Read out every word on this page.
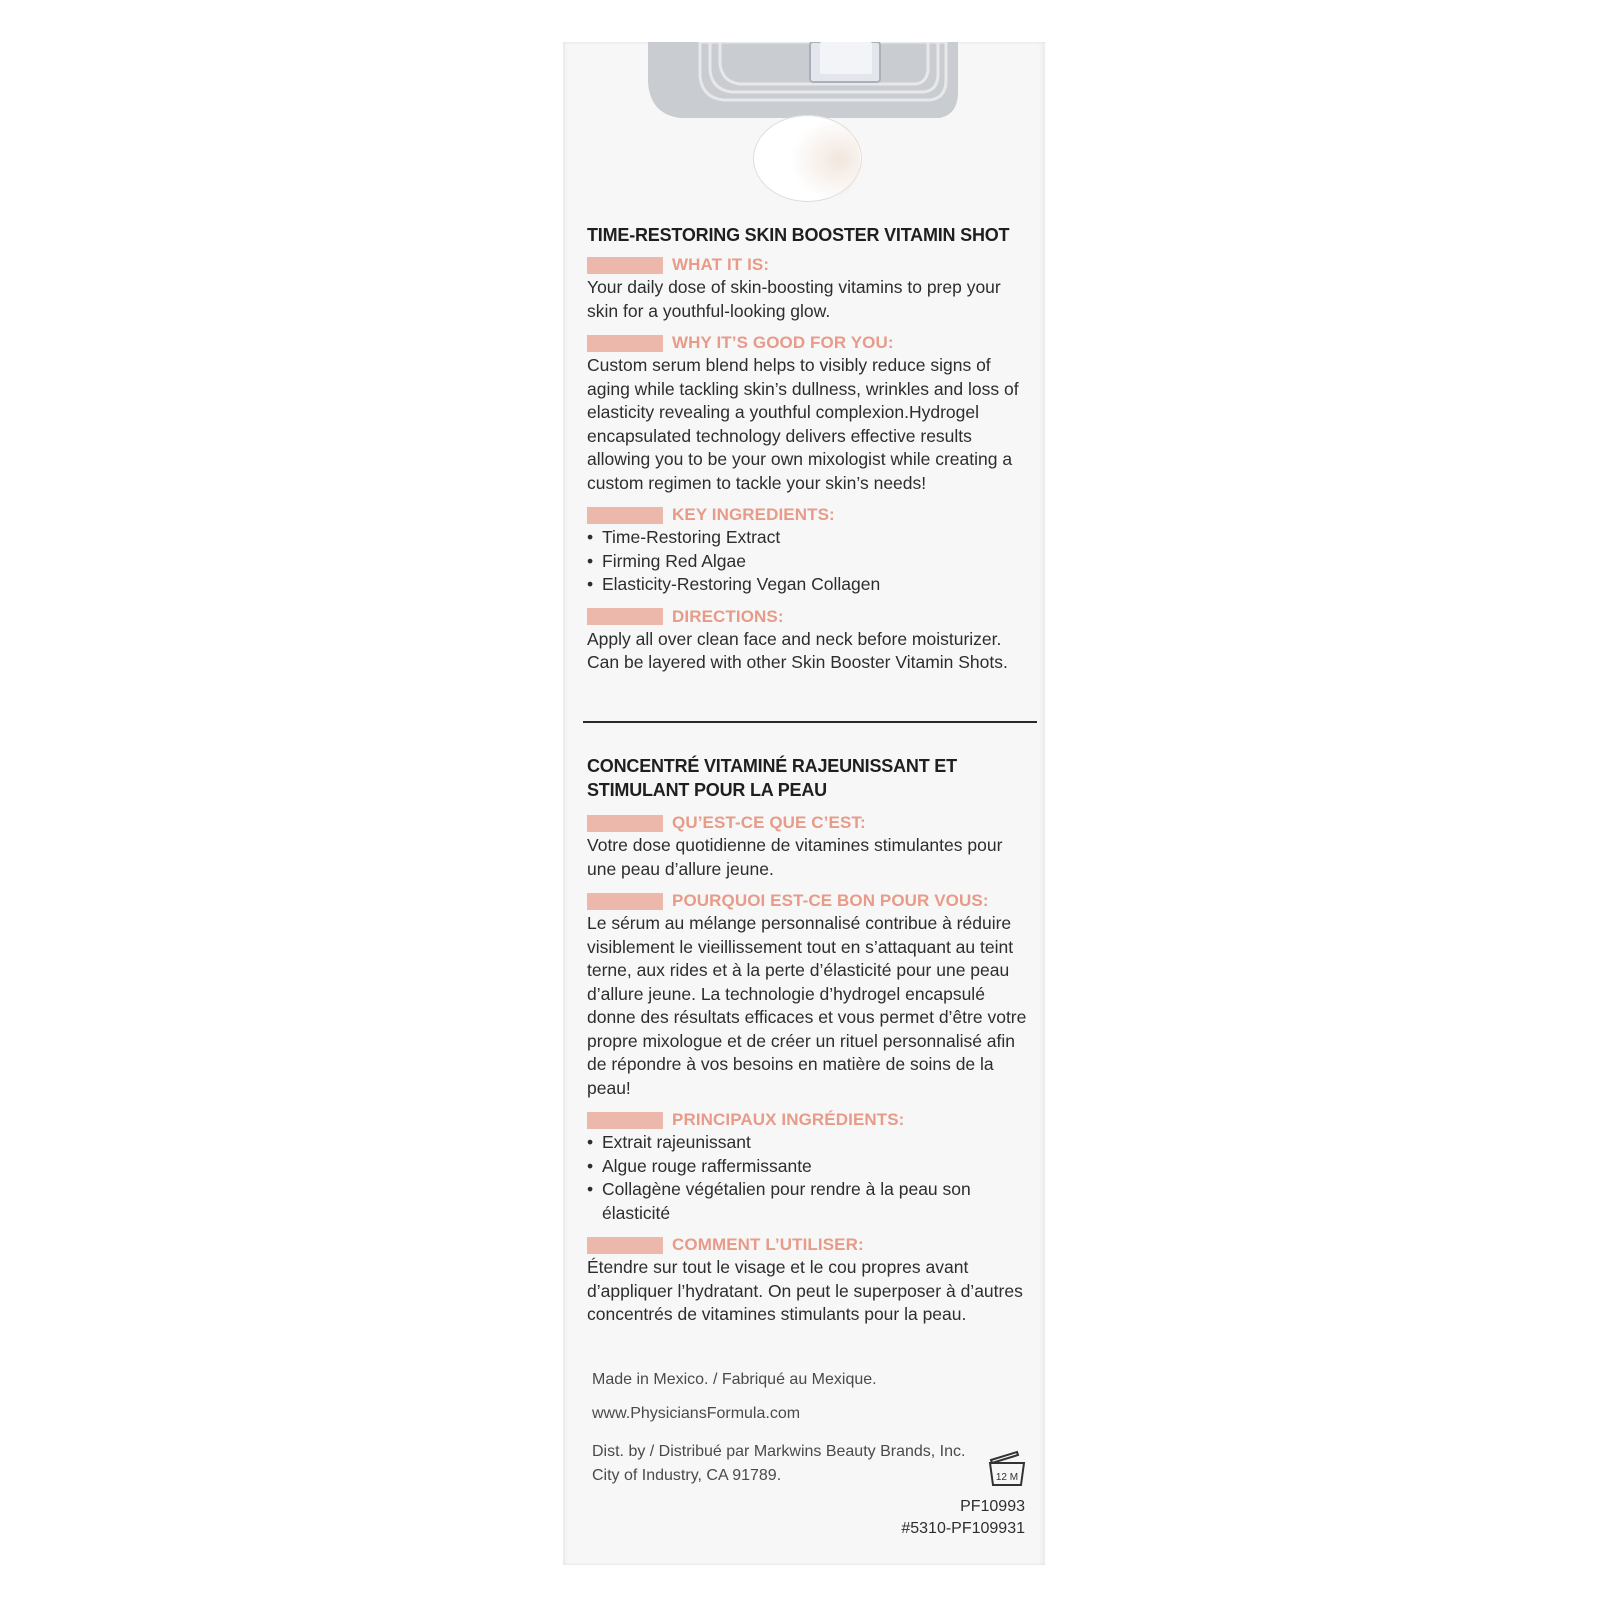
TIME-RESTORING SKIN BOOSTER VITAMIN SHOT

WHAT IT IS:

Your daily dose of skin-boosting vitamins to prep your skin for a youthful-looking glow.

WHY IT’S GOOD FOR YOU:

Custom serum blend helps to visibly reduce signs of aging while tackling skin’s dullness, wrinkles and loss of elasticity revealing a youthful complexion.Hydrogel encapsulated technology delivers effective results allowing you to be your own mixologist while creating a custom regimen to tackle your skin’s needs!

KEY INGREDIENTS:
• Time-Restoring Extract
• Firming Red Algae
• Elasticity-Restoring Vegan Collagen
DIRECTIONS:

Apply all over clean face and neck before moisturizer.

Can be layered with other Skin Booster Vitamin Shots.

CONCENTRÉ VITAMINÉ RAJEUNISSANT ET

STIMULANT POUR LA PEAU

QU’EST-CE QUE C’EST:

Votre dose quotidienne de vitamines stimulantes pour une peau d’allure jeune.

POURQUOI EST-CE BON POUR VOUS:

Le sérum au mélange personnalisé contribue à réduire visiblement le vieillissement tout en s’attaquant au teint terne, aux rides et à la perte d’élasticité pour une peau d’allure jeune. La technologie d’hydrogel encapsulé donne des résultats efficaces et vous permet d’être votre propre mixologue et de créer un rituel personnalisé afin de répondre à vos besoins en matière de soins de la peau!

PRINCIPAUX INGRÉDIENTS:
• Extrait rajeunissant
• Algue rouge raffermissante
• Collagène végétalien pour rendre à la peau son élasticité
COMMENT L’UTILISER:

Étendre sur tout le visage et le cou propres avant d’appliquer l’hydratant. On peut le superposer à d’autres concentrés de vitamines stimulants pour la peau.

Made in Mexico. / Fabriqué au Mexique.
www.PhysiciansFormula.com
Dist. by / Distribué par Markwins Beauty Brands, Inc.
City of Industry, CA 91789.	12 M
PF10993
#5310-PF109931
